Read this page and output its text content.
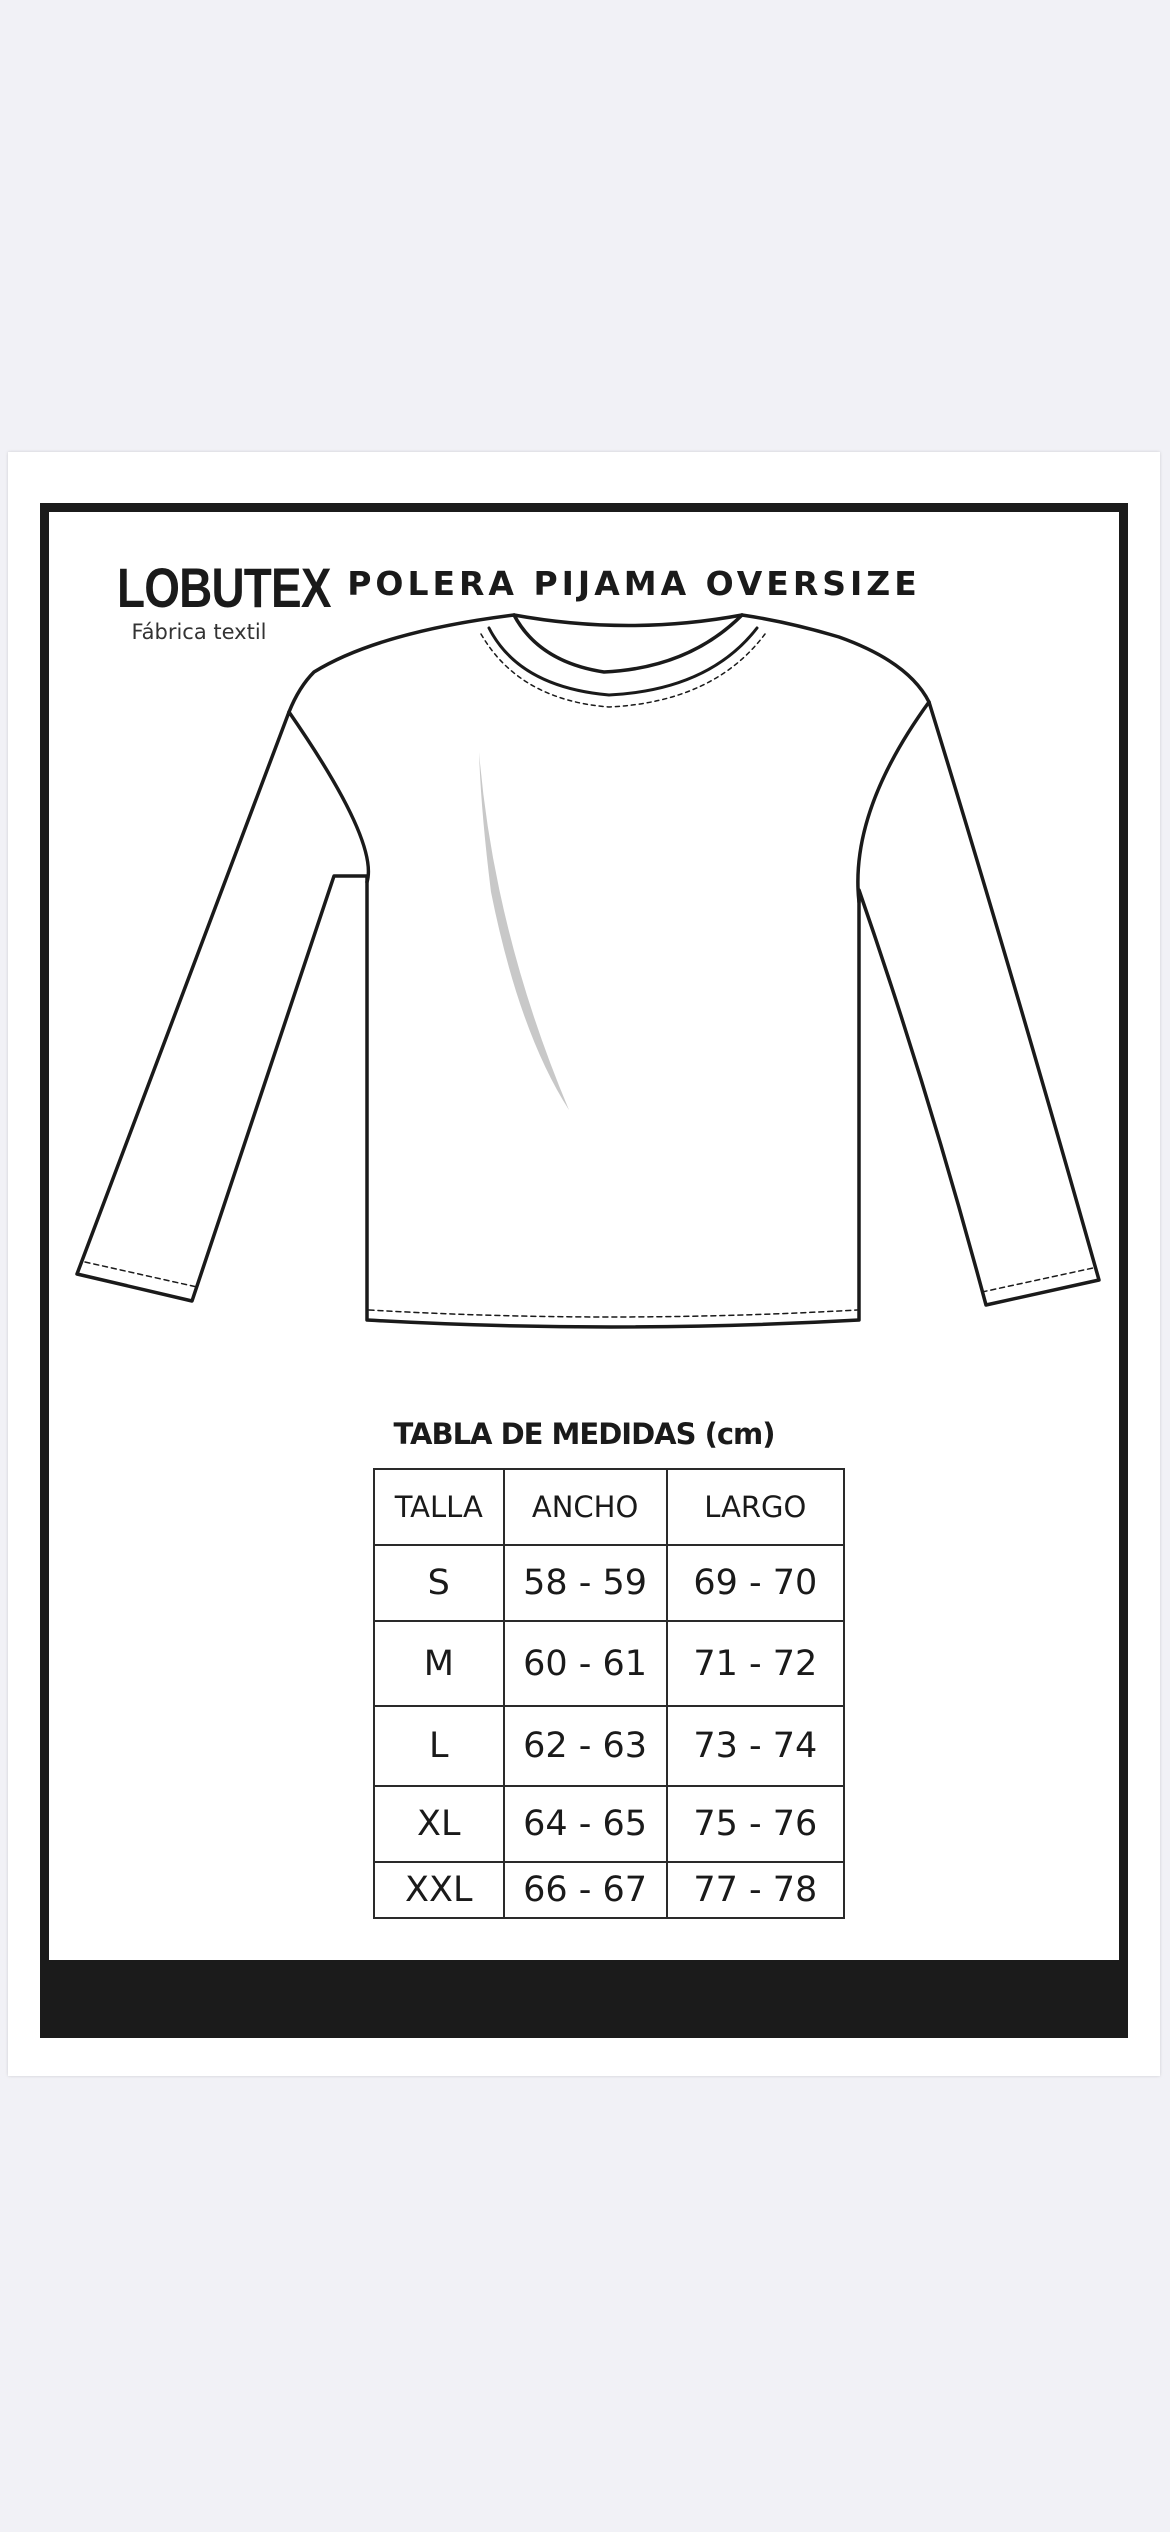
LOBUTEX
Fábrica textil
POLERA PIJAMA OVERSIZE
TABLA DE MEDIDAS (cm)
TALLA	ANCHO	LARGO
S	58 - 59	69 - 70
M	60 - 61	71 - 72
L	62 - 63	73 - 74
XL	64 - 65	75 - 76
XXL	66 - 67	77 - 78
